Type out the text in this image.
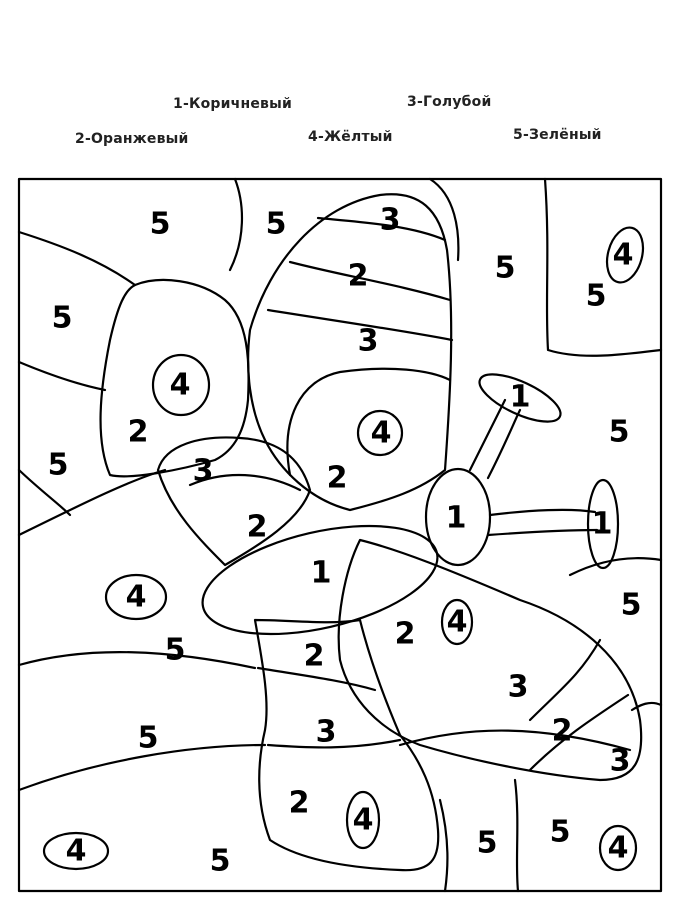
1-Коричневый
2-Оранжевый
3-Голубой
4-Жёлтый	5-Зелёный
5	5	3
4
5
2
5
5
3
4	1
2	4	5
5	3	2
2	1	1
4
1
5
5	2 4
2
3
5	3	2
3
2 4
4	5
5 5 4
